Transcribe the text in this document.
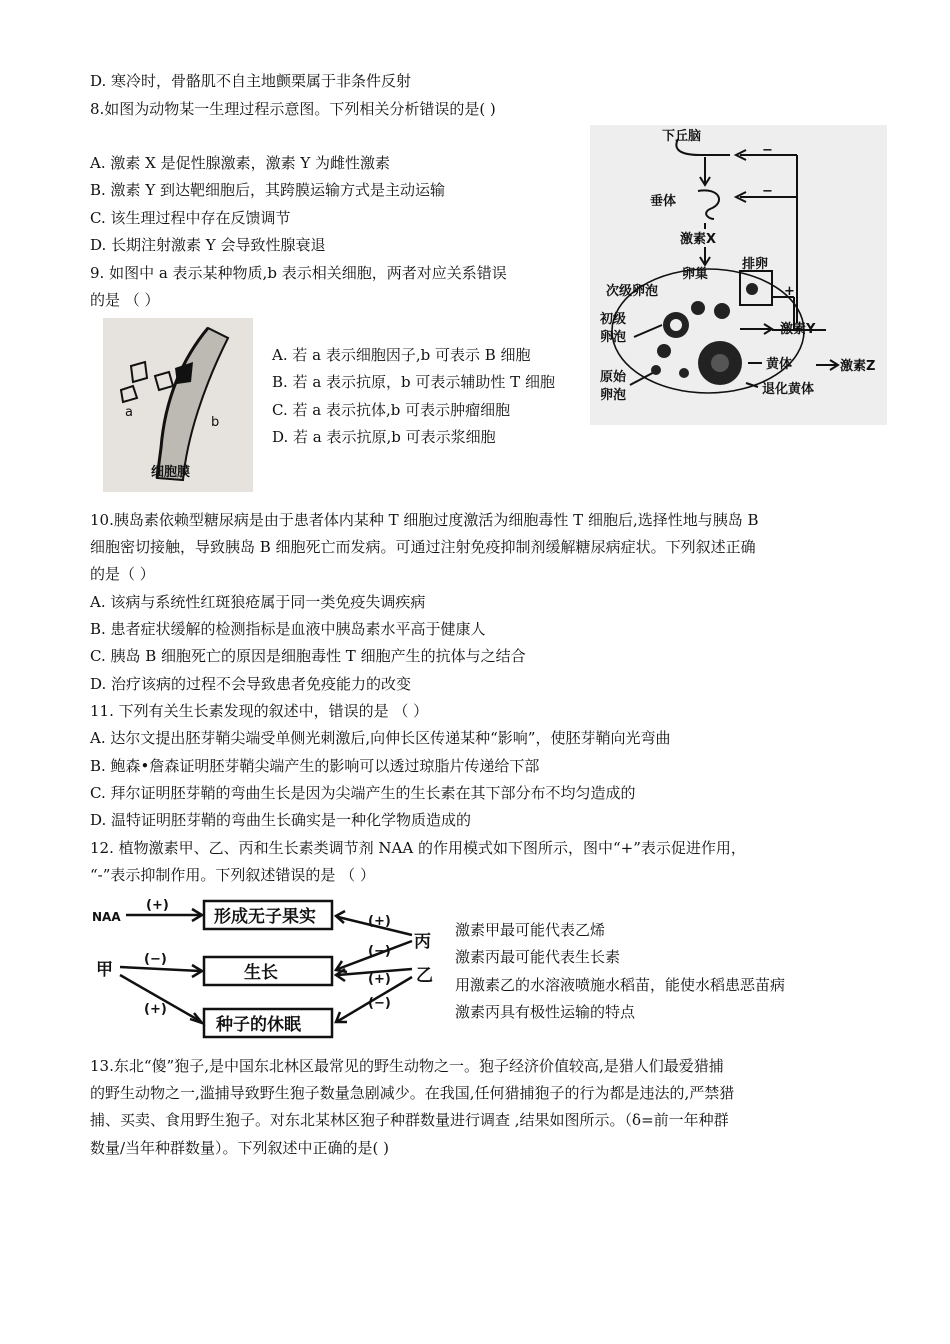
D. 寒冷时，骨骼肌不自主地颤栗属于非条件反射
8.如图为动物某一生理过程示意图。下列相关分析错误的是( )
A. 激素 X 是促性腺激素，激素 Y 为雌性激素
B. 激素 Y 到达靶细胞后，其跨膜运输方式是主动运输
C. 该生理过程中存在反馈调节
D. 长期注射激素 Y 会导致性腺衰退
下丘脑
垂体
激素X
卵巢
排卵
次级卵泡
初级
卵泡
原始
卵泡
激素Y
黄体	激素Z
退化黄体
−
−
+
9. 如图中 a 表示某种物质,b 表示相关细胞，两者对应关系错误
的是 （ ）
a
b
细胞膜
A. 若 a 表示细胞因子,b 可表示 B 细胞
B. 若 a 表示抗原，b 可表示辅助性 T 细胞
C. 若 a 表示抗体,b 可表示肿瘤细胞
D. 若 a 表示抗原,b 可表示浆细胞
10.胰岛素依赖型糖尿病是由于患者体内某种 T 细胞过度激活为细胞毒性 T 细胞后,选择性地与胰岛 B
细胞密切接触，导致胰岛 B 细胞死亡而发病。可通过注射免疫抑制剂缓解糖尿病症状。下列叙述正确
的是（ ）
A. 该病与系统性红斑狼疮属于同一类免疫失调疾病
B. 患者症状缓解的检测指标是血液中胰岛素水平高于健康人
C. 胰岛 B 细胞死亡的原因是细胞毒性 T 细胞产生的抗体与之结合
D. 治疗该病的过程不会导致患者免疫能力的改变
11. 下列有关生长素发现的叙述中，错误的是 （ ）
A. 达尔文提出胚芽鞘尖端受单侧光刺激后,向伸长区传递某种“影响”，使胚芽鞘向光弯曲
B. 鲍森•詹森证明胚芽鞘尖端产生的影响可以透过琼脂片传递给下部
C. 拜尔证明胚芽鞘的弯曲生长是因为尖端产生的生长素在其下部分布不均匀造成的
D. 温特证明胚芽鞘的弯曲生长确实是一种化学物质造成的
12. 植物激素甲、乙、丙和生长素类调节剂 NAA 的作用模式如下图所示，图中“+”表示促进作用，
“-”表示抑制作用。下列叙述错误的是 （ ）
NAA	形成无子果实
生长
种子的休眠
丙
乙
甲
(+)
(+)
(−)
(+)
(−)
(−)
(+)
激素甲最可能代表乙烯
激素丙最可能代表生长素
用激素乙的水溶液喷施水稻苗，能使水稻患恶苗病
激素丙具有极性运输的特点
13.东北“傻”狍子,是中国东北林区最常见的野生动物之一。狍子经济价值较高,是猎人们最爱猎捕
的野生动物之一,滥捕导致野生狍子数量急剧减少。在我国,任何猎捕狍子的行为都是违法的,严禁猎
捕、买卖、食用野生狍子。对东北某林区狍子种群数量进行调查 ,结果如图所示。（δ=前一年种群
数量/当年种群数量）。下列叙述中正确的是( )
